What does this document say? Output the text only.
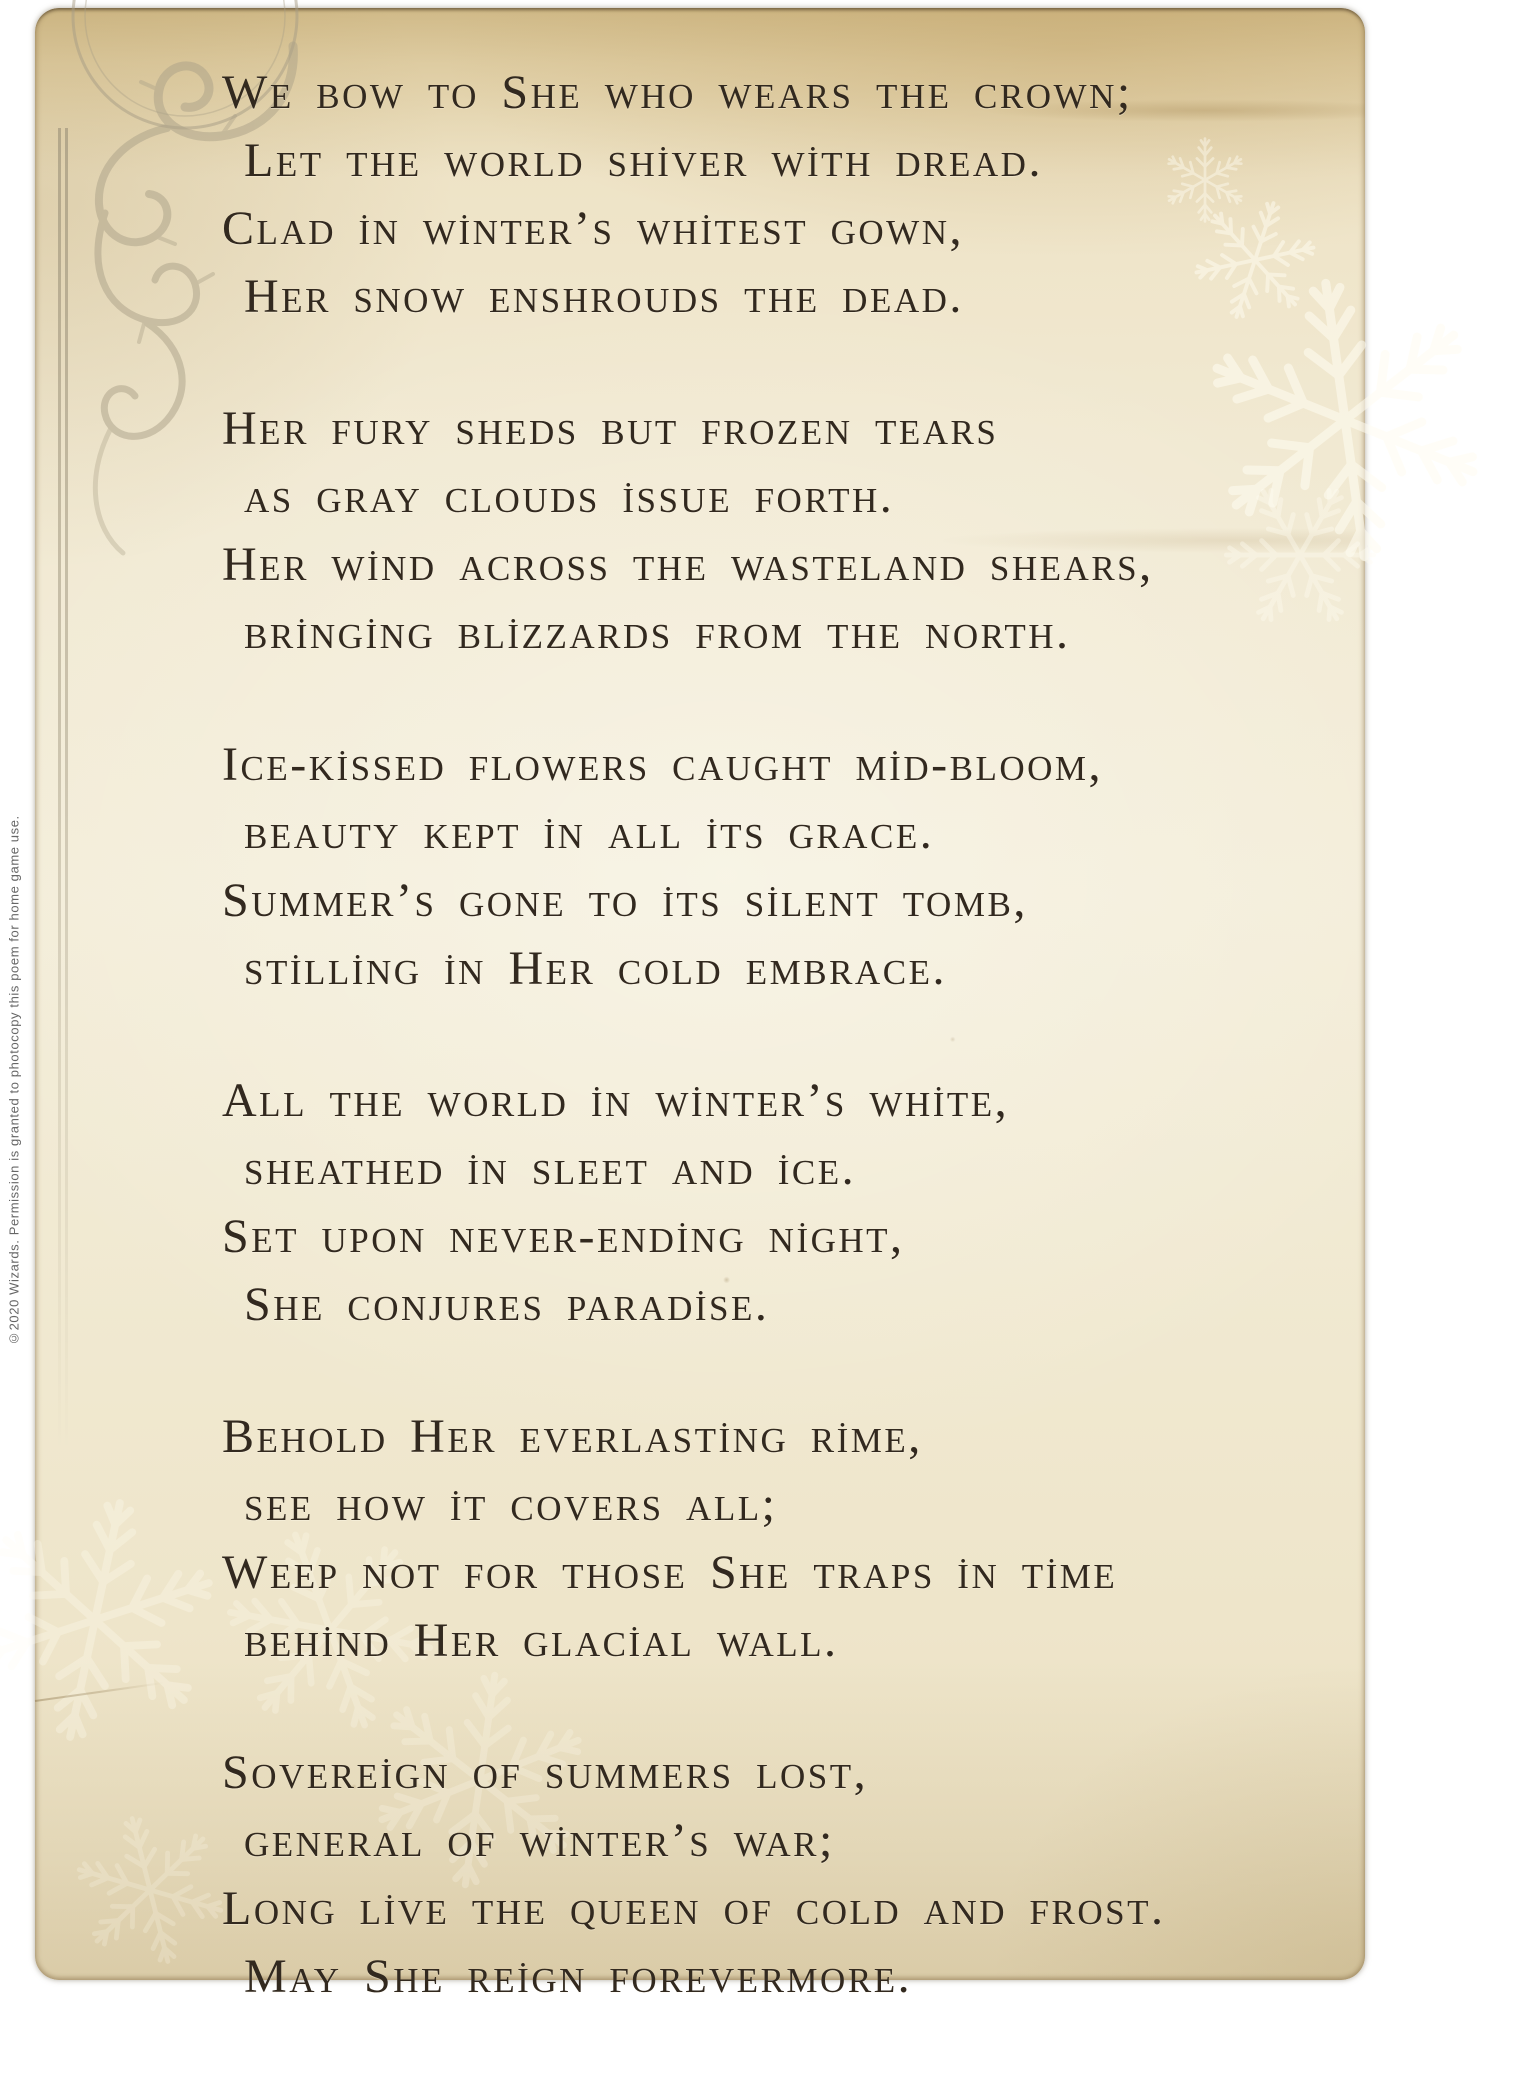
WE BOW TO SHE WHO WEARS THE CROWN;
LET THE WORLD SHİVER WİTH DREAD.
CLAD İN WİNTER’S WHİTEST GOWN,
HER SNOW ENSHROUDS THE DEAD.
HER FURY SHEDS BUT FROZEN TEARS
AS GRAY CLOUDS İSSUE FORTH.
HER WİND ACROSS THE WASTELAND SHEARS,
BRİNGİNG BLİZZARDS FROM THE NORTH.
ICE-KİSSED FLOWERS CAUGHT MİD-BLOOM,
BEAUTY KEPT İN ALL İTS GRACE.
SUMMER’S GONE TO İTS SİLENT TOMB,
STİLLİNG İN HER COLD EMBRACE.
ALL THE WORLD İN WİNTER’S WHİTE,
SHEATHED İN SLEET AND İCE.
SET UPON NEVER-ENDİNG NİGHT,
SHE CONJURES PARADİSE.
BEHOLD HER EVERLASTİNG RİME,
SEE HOW İT COVERS ALL;
WEEP NOT FOR THOSE SHE TRAPS İN TİME
BEHİND HER GLACİAL WALL.
SOVEREİGN OF SUMMERS LOST,
GENERAL OF WİNTER’S WAR;
LONG LİVE THE QUEEN OF COLD AND FROST.
MAY SHE REİGN FOREVERMORE.
©2020 Wizards. Permission is granted to photocopy this poem for home game use.
